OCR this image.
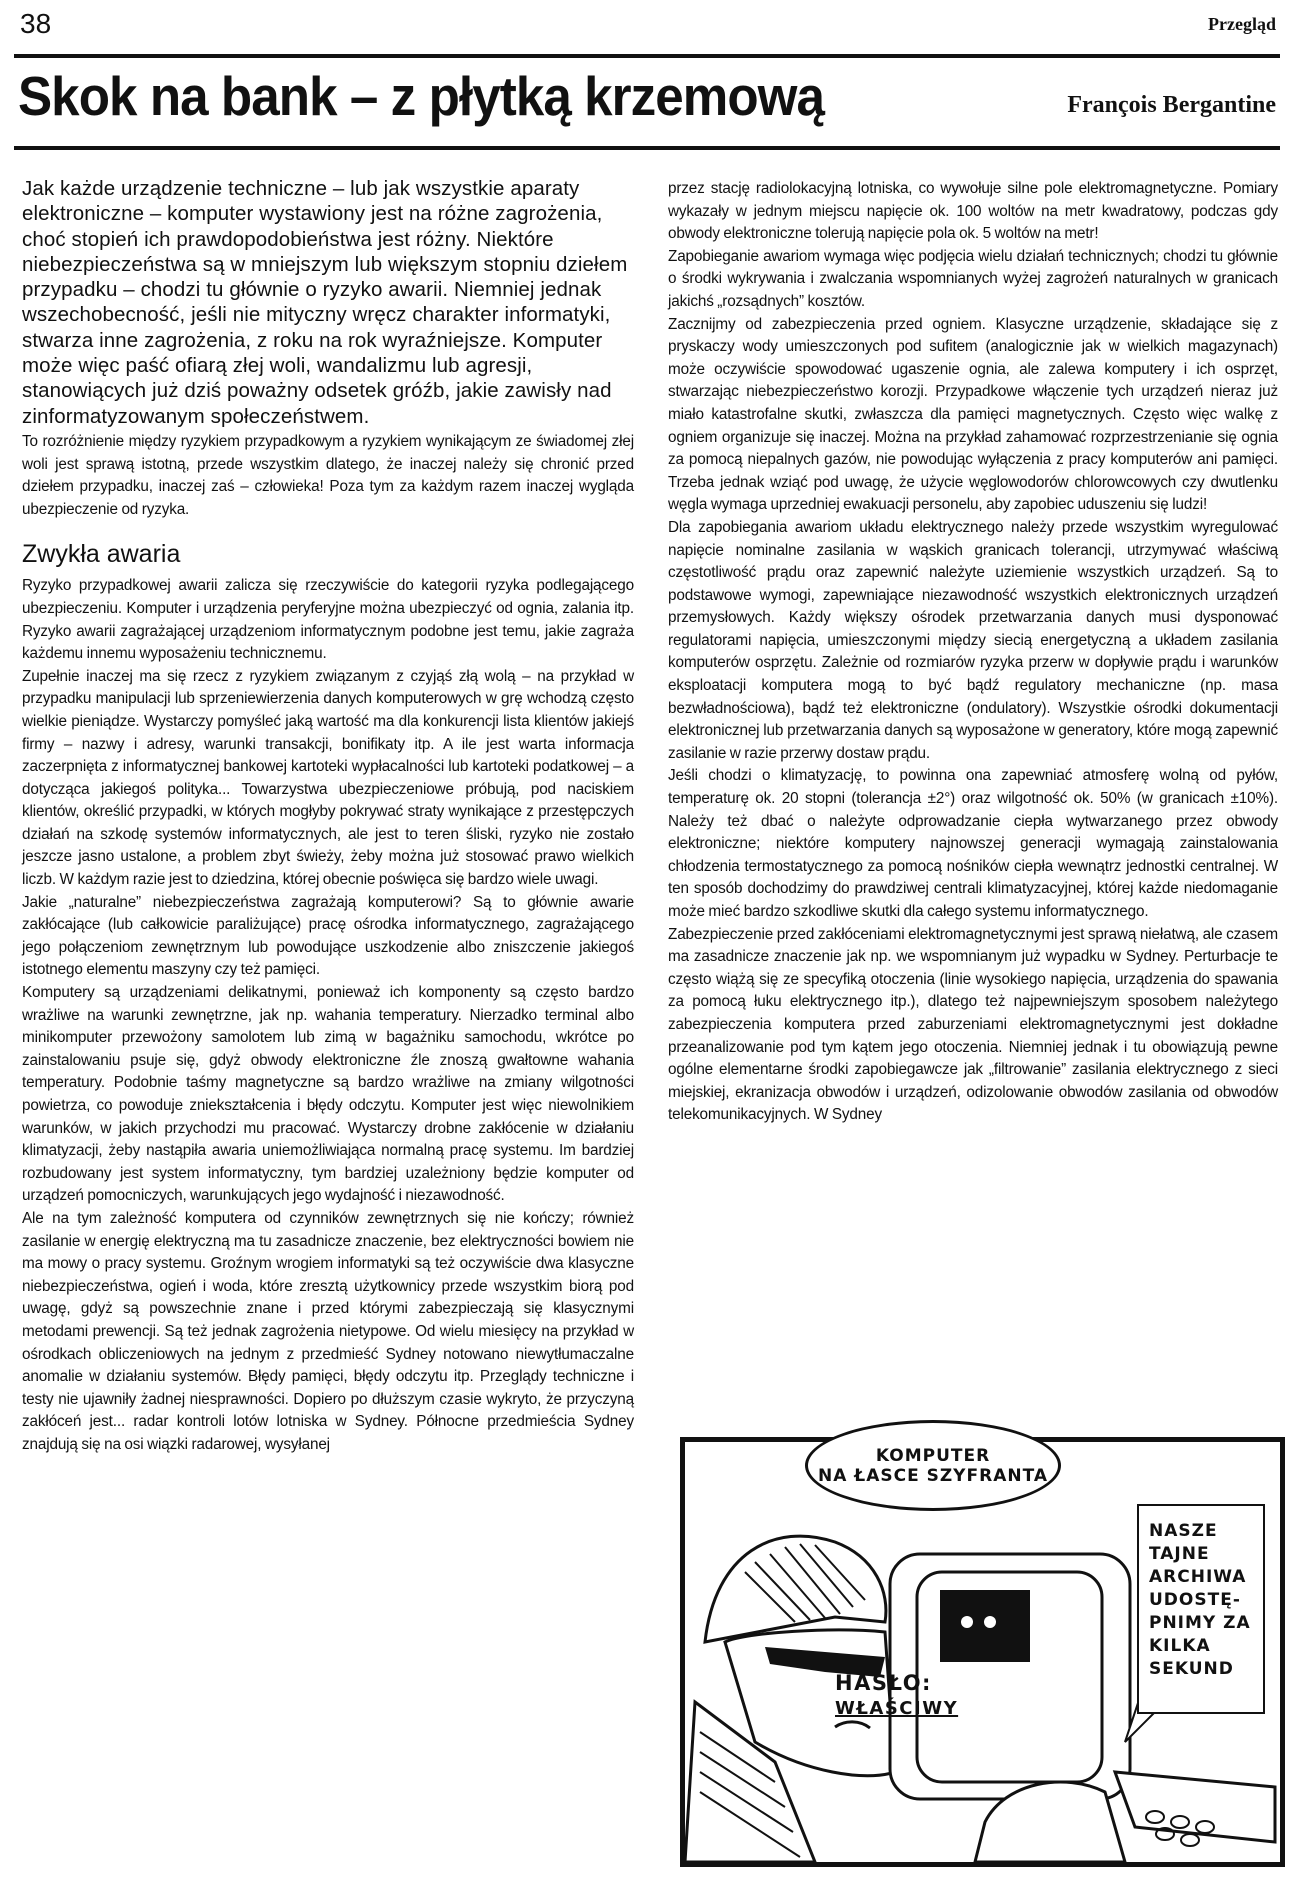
38	Przegląd
Skok na bank – z płytką krzemową	François Bergantine

Jak każde urządzenie techniczne – lub jak wszystkie aparaty elektroniczne – komputer wystawiony jest na różne zagrożenia, choć stopień ich prawdopodobieństwa jest różny. Niektóre niebezpieczeństwa są w mniejszym lub większym stopniu dziełem przypadku – chodzi tu głównie o ryzyko awarii. Niemniej jednak wszechobecność, jeśli nie mityczny wręcz charakter informatyki, stwarza inne zagrożenia, z roku na rok wyraźniejsze. Komputer może więc paść ofiarą złej woli, wandalizmu lub agresji, stanowiących już dziś poważny odsetek gróźb, jakie zawisły nad zinformatyzowanym społeczeństwem.

To rozróżnienie między ryzykiem przypadkowym a ryzykiem wynikającym ze świadomej złej woli jest sprawą istotną, przede wszystkim dlatego, że inaczej należy się chronić przed dziełem przypadku, inaczej zaś – człowieka! Poza tym za każdym razem inaczej wygląda ubezpieczenie od ryzyka.

Zwykła awaria

Ryzyko przypadkowej awarii zalicza się rzeczywiście do kategorii ryzyka podlegającego ubezpieczeniu. Komputer i urządzenia peryferyjne można ubezpieczyć od ognia, zalania itp. Ryzyko awarii zagrażającej urządzeniom informatycznym podobne jest temu, jakie zagraża każdemu innemu wyposażeniu technicznemu.

Zupełnie inaczej ma się rzecz z ryzykiem związanym z czyjąś złą wolą – na przykład w przypadku manipulacji lub sprzeniewierzenia danych komputerowych w grę wchodzą często wielkie pieniądze. Wystarczy pomyśleć jaką wartość ma dla konkurencji lista klientów jakiejś firmy – nazwy i adresy, warunki transakcji, bonifikaty itp. A ile jest warta informacja zaczerpnięta z informatycznej bankowej kartoteki wypłacalności lub kartoteki podatkowej – a dotycząca jakiegoś polityka... Towarzystwa ubezpieczeniowe próbują, pod naciskiem klientów, określić przypadki, w których mogłyby pokrywać straty wynikające z przestępczych działań na szkodę systemów informatycznych, ale jest to teren śliski, ryzyko nie zostało jeszcze jasno ustalone, a problem zbyt świeży, żeby można już stosować prawo wielkich liczb. W każdym razie jest to dziedzina, której obecnie poświęca się bardzo wiele uwagi.

Jakie „naturalne” niebezpieczeństwa zagrażają komputerowi? Są to głównie awarie zakłócające (lub całkowicie paraliżujące) pracę ośrodka informatycznego, zagrażającego jego połączeniom zewnętrznym lub powodujące uszkodzenie albo zniszczenie jakiegoś istotnego elementu maszyny czy też pamięci.

Komputery są urządzeniami delikatnymi, ponieważ ich komponenty są często bardzo wrażliwe na warunki zewnętrzne, jak np. wahania temperatury. Nierzadko terminal albo minikomputer przewożony samolotem lub zimą w bagażniku samochodu, wkrótce po zainstalowaniu psuje się, gdyż obwody elektroniczne źle znoszą gwałtowne wahania temperatury. Podobnie taśmy magnetyczne są bardzo wrażliwe na zmiany wilgotności powietrza, co powoduje zniekształcenia i błędy odczytu. Komputer jest więc niewolnikiem warunków, w jakich przychodzi mu pracować. Wystarczy drobne zakłócenie w działaniu klimatyzacji, żeby nastąpiła awaria uniemożliwiająca normalną pracę systemu. Im bardziej rozbudowany jest system informatyczny, tym bardziej uzależniony będzie komputer od urządzeń pomocniczych, warunkujących jego wydajność i niezawodność.

Ale na tym zależność komputera od czynników zewnętrznych się nie kończy; również zasilanie w energię elektryczną ma tu zasadnicze znaczenie, bez elektryczności bowiem nie ma mowy o pracy systemu. Groźnym wrogiem informatyki są też oczywiście dwa klasyczne niebezpieczeństwa, ogień i woda, które zresztą użytkownicy przede wszystkim biorą pod uwagę, gdyż są powszechnie znane i przed którymi zabezpieczają się klasycznymi metodami prewencji. Są też jednak zagrożenia nietypowe. Od wielu miesięcy na przykład w ośrodkach obliczeniowych na jednym z przedmieść Sydney notowano niewytłumaczalne anomalie w działaniu systemów. Błędy pamięci, błędy odczytu itp. Przeglądy techniczne i testy nie ujawniły żadnej niesprawności. Dopiero po dłuższym czasie wykryto, że przyczyną zakłóceń jest... radar kontroli lotów lotniska w Sydney. Północne przedmieścia Sydney znajdują się na osi wiązki radarowej, wysyłanej

przez stację radiolokacyjną lotniska, co wywołuje silne pole elektromagnetyczne. Pomiary wykazały w jednym miejscu napięcie ok. 100 woltów na metr kwadratowy, podczas gdy obwody elektroniczne tolerują napięcie pola ok. 5 woltów na metr!

Zapobieganie awariom wymaga więc podjęcia wielu działań technicznych; chodzi tu głównie o środki wykrywania i zwalczania wspomnianych wyżej zagrożeń naturalnych w granicach jakichś „rozsądnych” kosztów.

Zacznijmy od zabezpieczenia przed ogniem. Klasyczne urządzenie, składające się z pryskaczy wody umieszczonych pod sufitem (analogicznie jak w wielkich magazynach) może oczywiście spowodować ugaszenie ognia, ale zalewa komputery i ich osprzęt, stwarzając niebezpieczeństwo korozji. Przypadkowe włączenie tych urządzeń nieraz już miało katastrofalne skutki, zwłaszcza dla pamięci magnetycznych. Często więc walkę z ogniem organizuje się inaczej. Można na przykład zahamować rozprzestrzenianie się ognia za pomocą niepalnych gazów, nie powodując wyłączenia z pracy komputerów ani pamięci. Trzeba jednak wziąć pod uwagę, że użycie węglowodorów chlorowcowych czy dwutlenku węgla wymaga uprzedniej ewakuacji personelu, aby zapobiec uduszeniu się ludzi!

Dla zapobiegania awariom układu elektrycznego należy przede wszystkim wyregulować napięcie nominalne zasilania w wąskich granicach tolerancji, utrzymywać właściwą częstotliwość prądu oraz zapewnić należyte uziemienie wszystkich urządzeń. Są to podstawowe wymogi, zapewniające niezawodność wszystkich elektronicznych urządzeń przemysłowych. Każdy większy ośrodek przetwarzania danych musi dysponować regulatorami napięcia, umieszczonymi między siecią energetyczną a układem zasilania komputerów osprzętu. Zależnie od rozmiarów ryzyka przerw w dopływie prądu i warunków eksploatacji komputera mogą to być bądź regulatory mechaniczne (np. masa bezwładnościowa), bądź też elektroniczne (ondulatory). Wszystkie ośrodki dokumentacji elektronicznej lub przetwarzania danych są wyposażone w generatory, które mogą zapewnić zasilanie w razie przerwy dostaw prądu.

Jeśli chodzi o klimatyzację, to powinna ona zapewniać atmosferę wolną od pyłów, temperaturę ok. 20 stopni (tolerancja ±2°) oraz wilgotność ok. 50% (w granicach ±10%). Należy też dbać o należyte odprowadzanie ciepła wytwarzanego przez obwody elektroniczne; niektóre komputery najnowszej generacji wymagają zainstalowania chłodzenia termostatycznego za pomocą nośników ciepła wewnątrz jednostki centralnej. W ten sposób dochodzimy do prawdziwej centrali klimatyzacyjnej, której każde niedomaganie może mieć bardzo szkodliwe skutki dla całego systemu informatycznego.

Zabezpieczenie przed zakłóceniami elektromagnetycznymi jest sprawą niełatwą, ale czasem ma zasadnicze znaczenie jak np. we wspomnianym już wypadku w Sydney. Perturbacje te często wiążą się ze specyfiką otoczenia (linie wysokiego napięcia, urządzenia do spawania za pomocą łuku elektrycznego itp.), dlatego też najpewniejszym sposobem należytego zabezpieczenia komputera przed zaburzeniami elektromagnetycznymi jest dokładne przeanalizowanie pod tym kątem jego otoczenia. Niemniej jednak i tu obowiązują pewne ogólne elementarne środki zapobiegawcze jak „filtrowanie” zasilania elektrycznego z sieci miejskiej, ekranizacja obwodów i urządzeń, odizolowanie obwodów zasilania od obwodów telekomunikacyjnych. W Sydney

KOMPUTER
NA ŁASCE SZYFRANTA
NASZE
TAJNE
ARCHIWA
UDOSTĘ-
PNIMY ZA
KILKA
SEKUND
HASŁO:
WŁAŚCIWY
